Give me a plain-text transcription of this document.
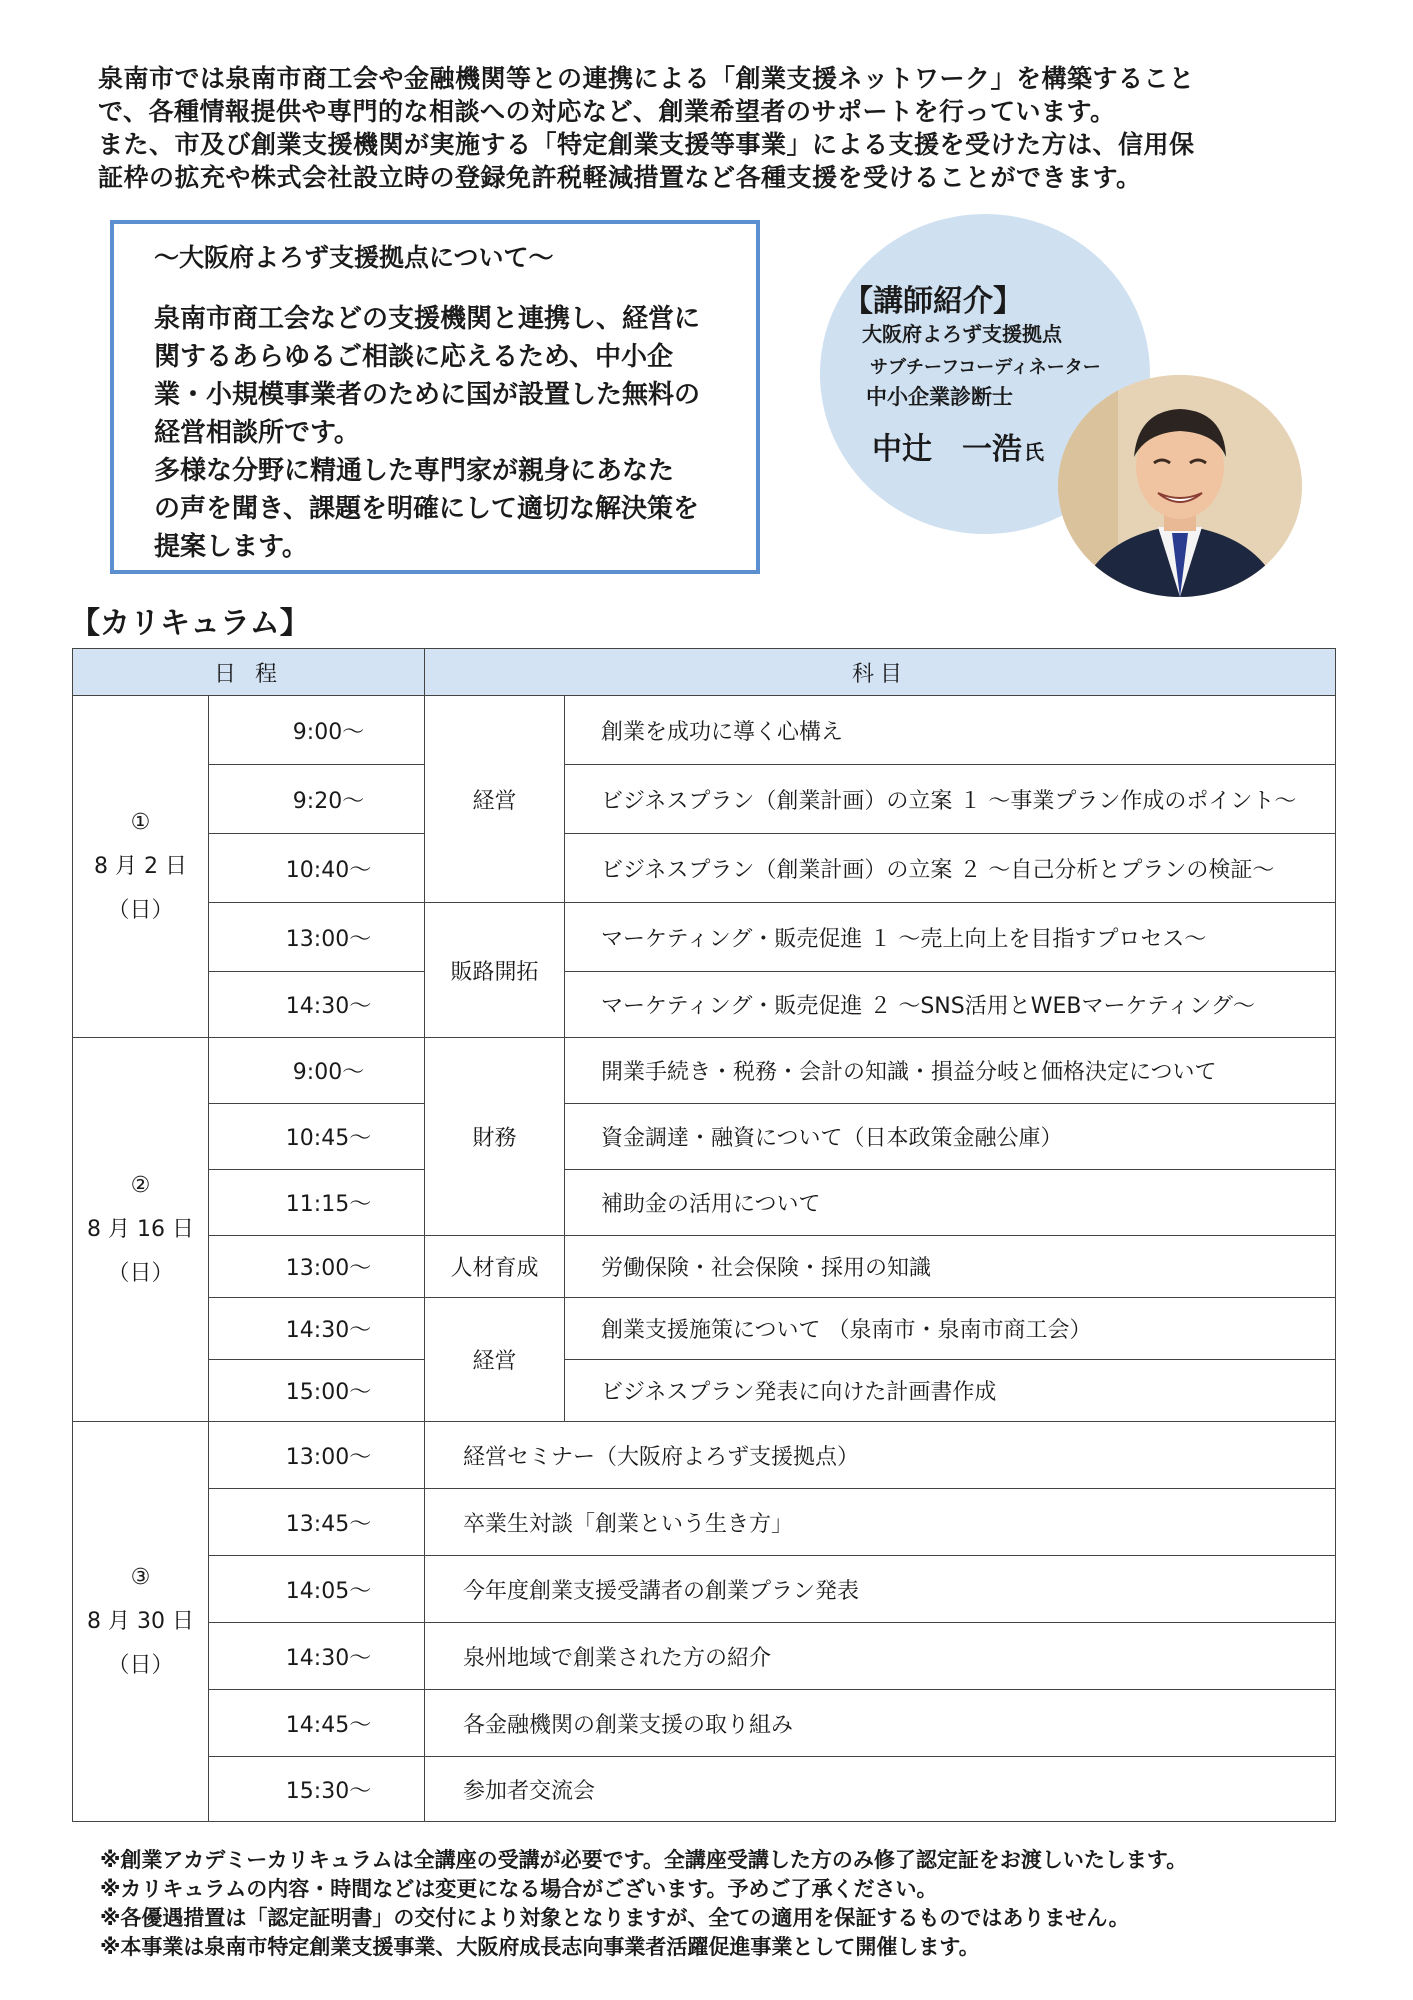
泉南市では泉南市商工会や金融機関等との連携による「創業支援ネットワーク」を構築すること

で、各種情報提供や専門的な相談への対応など、創業希望者のサポートを行っています。

また、市及び創業支援機関が実施する「特定創業支援等事業」による支援を受けた方は、信用保

証枠の拡充や株式会社設立時の登録免許税軽減措置など各種支援を受けることができます。

～大阪府よろず支援拠点について～

泉南市商工会などの支援機関と連携し、経営に

関するあらゆるご相談に応えるため、中小企

業・小規模事業者のために国が設置した無料の

経営相談所です。

多様な分野に精通した専門家が親身にあなた

の声を聞き、課題を明確にして適切な解決策を

提案します。

【講師紹介】
大阪府よろず支援拠点
サブチーフコーディネーター
中小企業診断士
中辻　一浩 氏
【カリキュラム】
日 程		科目	

①
8 月 2 日
（日）	9:00～	経営	創業を成功に導く心構え
	9:20～		ビジネスプラン（創業計画）の立案 １ ～事業プラン作成のポイント～
	10:40～		ビジネスプラン（創業計画）の立案 ２ ～自己分析とプランの検証～
	13:00～	販路開拓	マーケティング・販売促進 １ ～売上向上を目指すプロセス～
	14:30～		マーケティング・販売促進 ２ ～SNS活用とWEBマーケティング～

②
8 月 16 日
（日）	9:00～	財務	開業手続き・税務・会計の知識・損益分岐と価格決定について
	10:45～		資金調達・融資について（日本政策金融公庫）
	11:15～		補助金の活用について
	13:00～	人材育成	労働保険・社会保険・採用の知識
	14:30～	経営	創業支援施策について （泉南市・泉南市商工会）
	15:00～		ビジネスプラン発表に向けた計画書作成

③
8 月 30 日
（日）	13:00～	経営セミナー（大阪府よろず支援拠点）	
	13:45～	卒業生対談「創業という生き方」	
	14:05～	今年度創業支援受講者の創業プラン発表	
	14:30～	泉州地域で創業された方の紹介	
	14:45～	各金融機関の創業支援の取り組み	
	15:30～	参加者交流会	

※創業アカデミーカリキュラムは全講座の受講が必要です。全講座受講した方のみ修了認定証をお渡しいたします。

※カリキュラムの内容・時間などは変更になる場合がございます。予めご了承ください。

※各優遇措置は「認定証明書」の交付により対象となりますが、全ての適用を保証するものではありません。

※本事業は泉南市特定創業支援事業、大阪府成長志向事業者活躍促進事業として開催します。
